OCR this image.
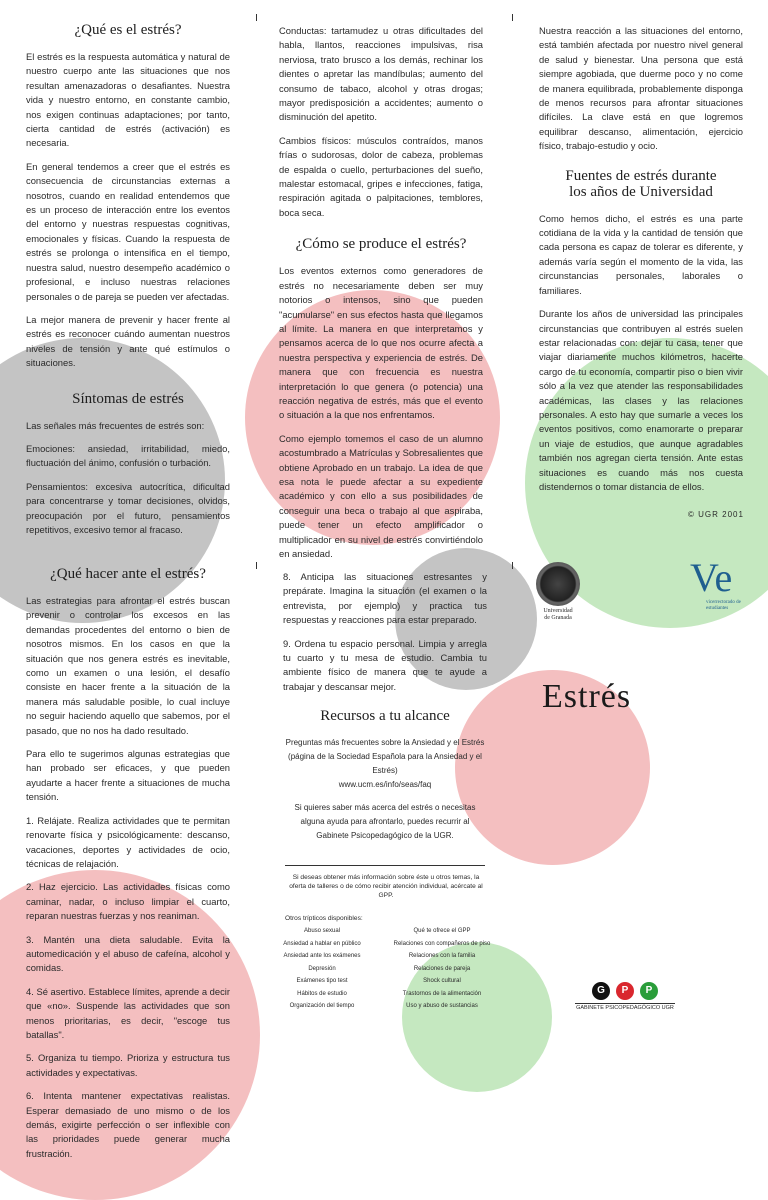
¿Qué es el estrés?

El estrés es la respuesta automática y natural de nuestro cuerpo ante las situaciones que nos resultan amenazadoras o desafiantes. Nuestra vida y nuestro entorno, en constante cambio, nos exigen continuas adaptaciones; por tanto, cierta cantidad de estrés (activación) es necesaria.

En general tendemos a creer que el estrés es consecuencia de circunstancias externas a nosotros, cuando en realidad entendemos que es un proceso de interacción entre los eventos del entorno y nuestras respuestas cognitivas, emocionales y físicas. Cuando la respuesta de estrés se prolonga o intensifica en el tiempo, nuestra salud, nuestro desempeño académico o profesional, e incluso nuestras relaciones personales o de pareja se pueden ver afectadas.

La mejor manera de prevenir y hacer frente al estrés es reconocer cuándo aumentan nuestros niveles de tensión y ante qué estímulos o situaciones.

Síntomas de estrés

Las señales más frecuentes de estrés son:

Emociones: ansiedad, irritabilidad, miedo, fluctuación del ánimo, confusión o turbación.

Pensamientos: excesiva autocrítica, dificultad para concentrarse y tomar decisiones, olvidos, preocupación por el futuro, pensamientos repetitivos, excesivo temor al fracaso.

Conductas: tartamudez u otras dificultades del habla, llantos, reacciones impulsivas, risa nerviosa, trato brusco a los demás, rechinar los dientes o apretar las mandíbulas; aumento del consumo de tabaco, alcohol y otras drogas; mayor predisposición a accidentes; aumento o disminución del apetito.

Cambios físicos: músculos contraídos, manos frías o sudorosas, dolor de cabeza, problemas de espalda o cuello, perturbaciones del sueño, malestar estomacal, gripes e infecciones, fatiga, respiración agitada o palpitaciones, temblores, boca seca.

¿Cómo se produce el estrés?

Los eventos externos como generadores de estrés no necesariamente deben ser muy notorios o intensos, sino que pueden "acumularse" en sus efectos hasta que llegamos al límite. La manera en que interpretamos y pensamos acerca de lo que nos ocurre afecta a nuestra perspectiva y experiencia de estrés. De manera que con frecuencia es nuestra interpretación lo que genera (o potencia) una reacción negativa de estrés, más que el evento o situación a la que nos enfrentamos.

Como ejemplo tomemos el caso de un alumno acostumbrado a Matrículas y Sobresalientes que obtiene Aprobado en un trabajo. La idea de que esa nota le puede afectar a su expediente académico y con ello a sus posibilidades de conseguir una beca o trabajo al que aspiraba, puede tener un efecto amplificador o multiplicador en su nivel de estrés convirtiéndolo en ansiedad.

Nuestra reacción a las situaciones del entorno, está también afectada por nuestro nivel general de salud y bienestar. Una persona que está siempre agobiada, que duerme poco y no come de manera equilibrada, probablemente disponga de menos recursos para afrontar situaciones difíciles. La clave está en que logremos equilibrar descanso, alimentación, ejercicio físico, trabajo-estudio y ocio.

Fuentes de estrés durante
los años de Universidad

Como hemos dicho, el estrés es una parte cotidiana de la vida y la cantidad de tensión que cada persona es capaz de tolerar es diferente, y además varía según el momento de la vida, las circunstancias personales, laborales o familiares.

Durante los años de universidad las principales circunstancias que contribuyen al estrés suelen estar relacionadas con: dejar tu casa, tener que viajar diariamente muchos kilómetros, hacerte cargo de tu economía, compartir piso o bien vivir sólo a la vez que atender las responsabilidades académicas, las clases y las relaciones personales. A esto hay que sumarle a veces los eventos positivos, como enamorarte o preparar un viaje de estudios, que aunque agradables también nos agregan cierta tensión. Ante estas situaciones es cuando más nos cuesta distendernos o tomar distancia de ellos.

© UGR 2001
¿Qué hacer ante el estrés?

Las estrategias para afrontar el estrés buscan prevenir o controlar los excesos en las demandas procedentes del entorno o bien de nosotros mismos. En los casos en que la situación que nos genera estrés es inevitable, como un examen o una lesión, el desafío consiste en hacer frente a la situación de la manera más saludable posible, lo cual incluye no seguir haciendo aquello que sabemos, por el pasado, que no nos ha dado resultado.

Para ello te sugerimos algunas estrategias que han probado ser eficaces, y que pueden ayudarte a hacer frente a situaciones de mucha tensión.

1. Relájate. Realiza actividades que te permitan renovarte física y psicológicamente: descanso, vacaciones, deportes y actividades de ocio, técnicas de relajación.

2. Haz ejercicio. Las actividades físicas como caminar, nadar, o incluso limpiar el cuarto, reparan nuestras fuerzas y nos reaniman.

3. Mantén una dieta saludable. Evita la automedicación y el abuso de cafeína, alcohol y comidas.

4. Sé asertivo. Establece límites, aprende a decir que «no». Suspende las actividades que son menos prioritarias, es decir, "escoge tus batallas".

5. Organiza tu tiempo. Prioriza y estructura tus actividades y expectativas.

6. Intenta mantener expectativas realistas. Esperar demasiado de uno mismo o de los demás, exigirte perfección o ser inflexible con las prioridades puede generar mucha frustración.

8. Anticipa las situaciones estresantes y prepárate. Imagina la situación (el examen o la entrevista, por ejemplo) y practica tus respuestas y reacciones para estar preparado.

9. Ordena tu espacio personal. Limpia y arregla tu cuarto y tu mesa de estudio. Cambia tu ambiente físico de manera que te ayude a trabajar y descansar mejor.

Recursos a tu alcance

Preguntas más frecuentes sobre la Ansiedad y el Estrés
(página de la Sociedad Española para la Ansiedad y el Estrés)
www.ucm.es/info/seas/faq

Si quieres saber más acerca del estrés o necesitas alguna ayuda para afrontarlo, puedes recurrir al Gabinete Psicopedagógico de la UGR.

Si deseas obtener más información sobre éste u otros temas, la oferta de talleres o de cómo recibir atención individual, acércate al GPP.
Otros trípticos disponibles:
Abuso sexual	Qué te ofrece el GPP
Ansiedad a hablar en público	Relaciones con compañeros de piso
Ansiedad ante los exámenes	Relaciones con la familia
Depresión	Relaciones de pareja
Exámenes tipo test	Shock cultural
Hábitos de estudio	Trastornos de la alimentación
Organización del tiempo	Uso y abuso de sustancias
Universidad
de Granada
Ve
vicerrectorado de estudiantes
Estrés
G	P	P
GABINETE PSICOPEDAGÓGICO UGR
